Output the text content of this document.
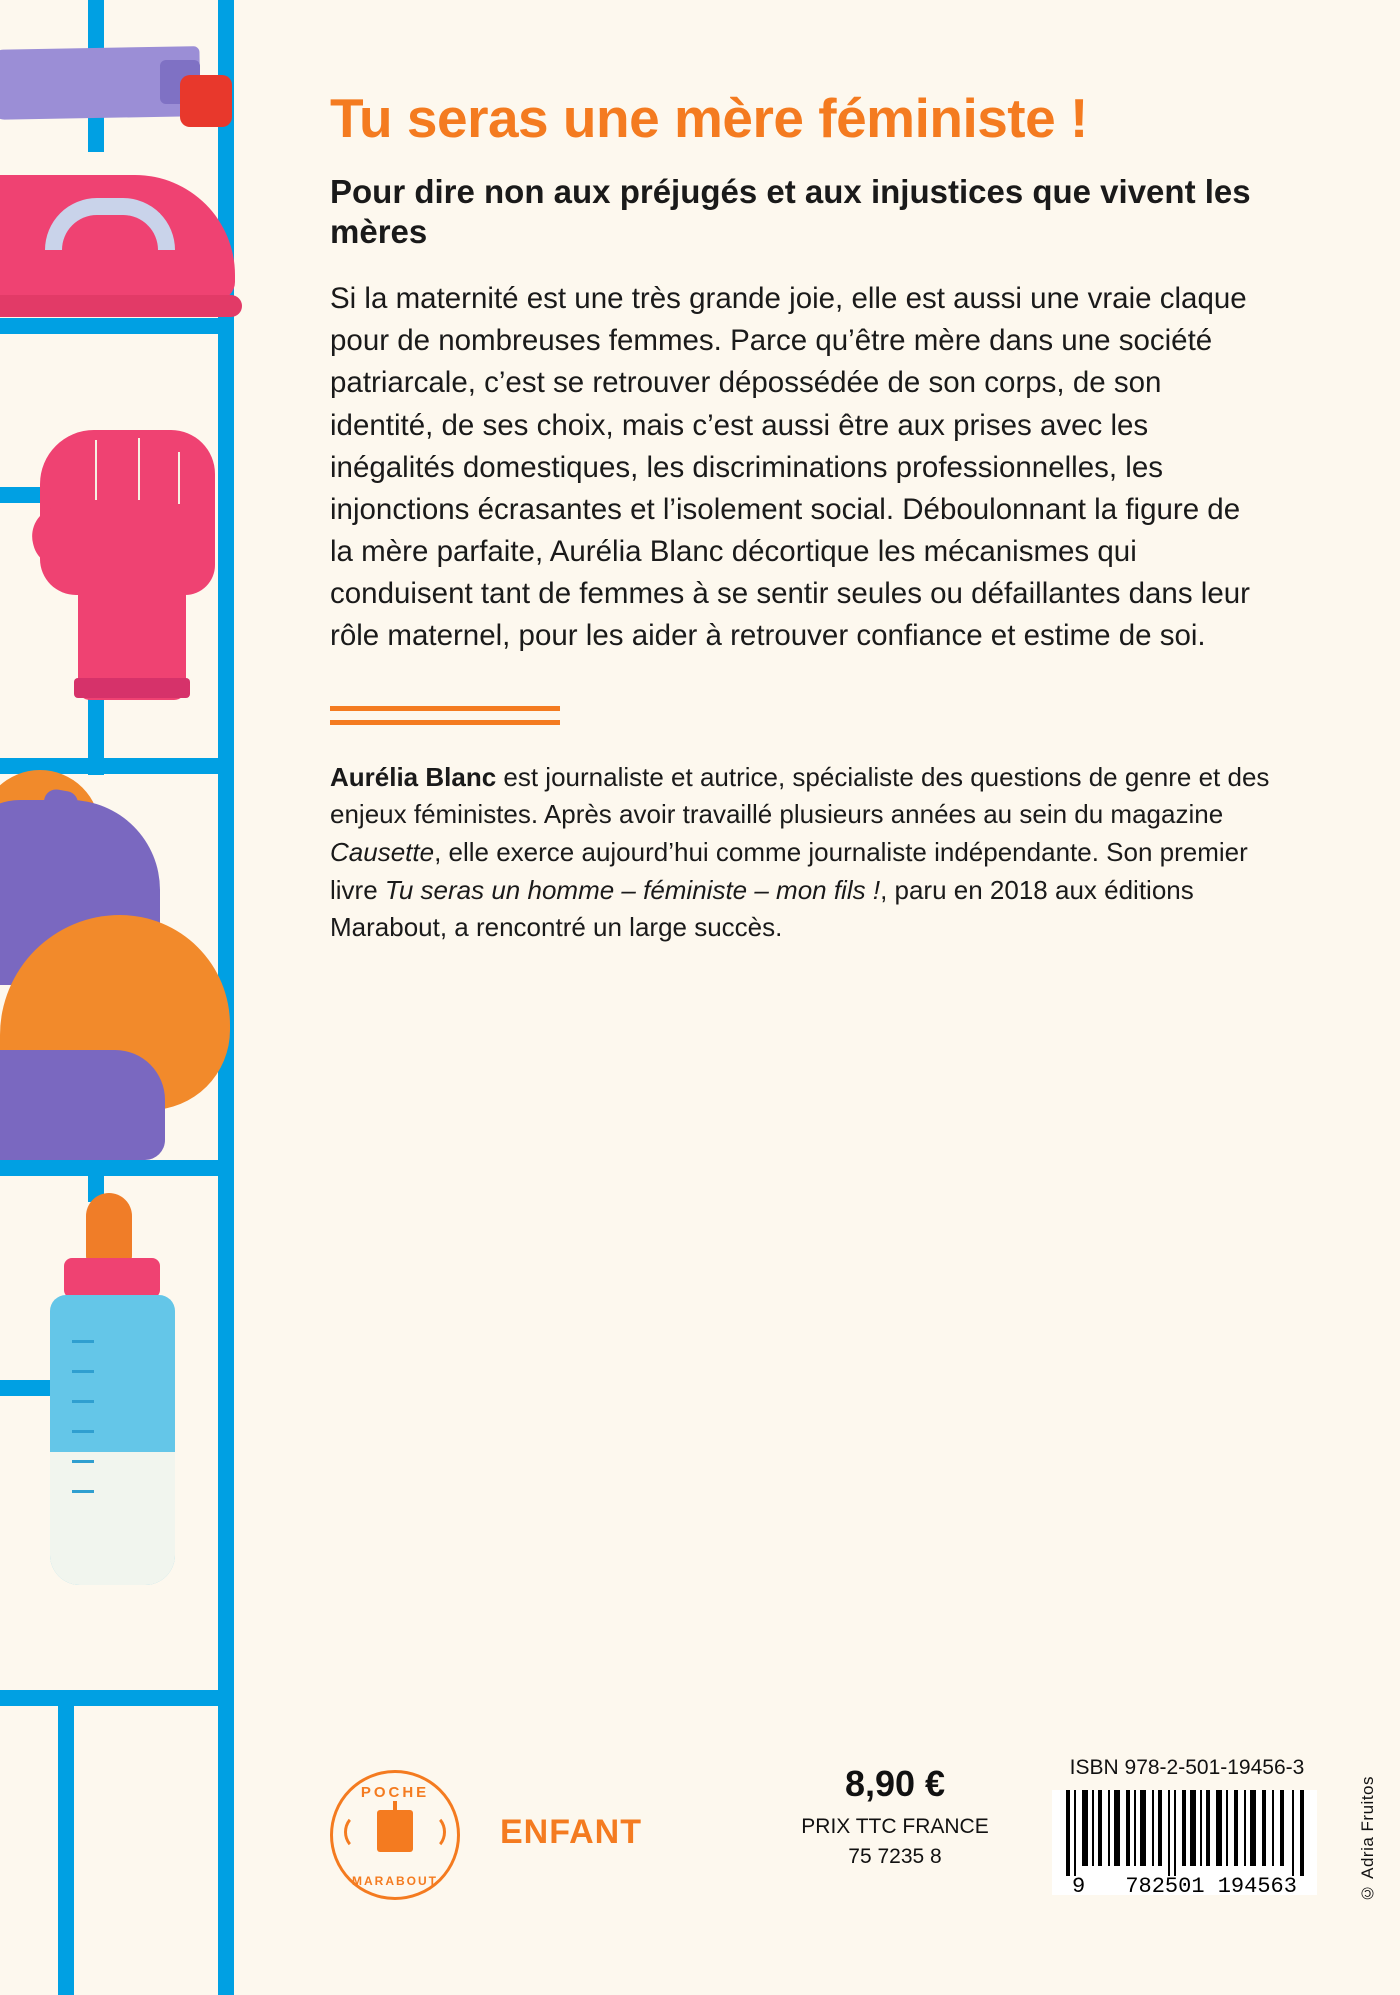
Tu seras une mère féministe !
Pour dire non aux préjugés et aux injustices que vivent les mères

Si la maternité est une très grande joie, elle est aussi une vraie claque pour de nombreuses femmes. Parce qu’être mère dans une société patriarcale, c’est se retrouver dépossédée de son corps, de son identité, de ses choix, mais c’est aussi être aux prises avec les inégalités domestiques, les discriminations professionnelles, les injonctions écrasantes et l’isolement social. Déboulonnant la figure de la mère parfaite, Aurélia Blanc décortique les mécanismes qui conduisent tant de femmes à se sentir seules ou défaillantes dans leur rôle maternel, pour les aider à retrouver confiance et estime de soi.

Aurélia Blanc est journaliste et autrice, spécialiste des questions de genre et des enjeux féministes. Après avoir travaillé plusieurs années au sein du magazine Causette, elle exerce aujourd’hui comme journaliste indépendante. Son premier livre Tu seras un homme – féministe – mon fils !, paru en 2018 aux éditions Marabout, a rencontré un large succès.

POCHE
MARABOUT
ENFANT
8,90 €
PRIX TTC FRANCE
75 7235 8
ISBN 978-2-501-19456-3
9 782501 194563	© Adria Fruitos
